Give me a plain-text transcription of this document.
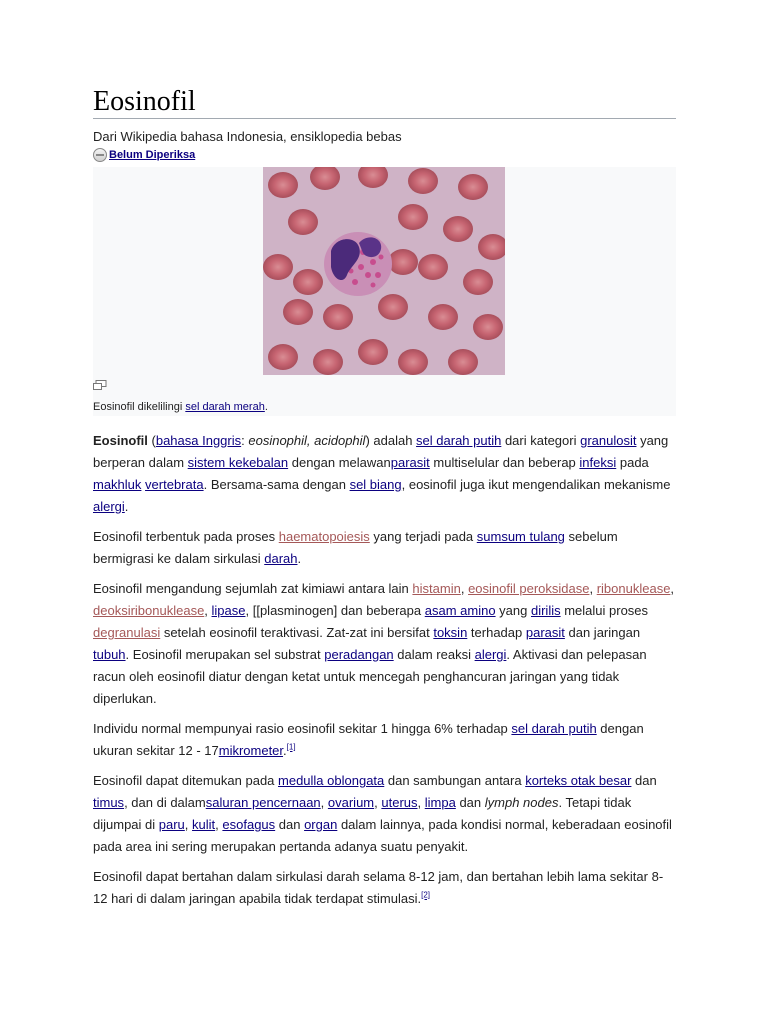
Eosinofil
Dari Wikipedia bahasa Indonesia, ensiklopedia bebas
Belum Diperiksa
Eosinofil dikelilingi sel darah merah.

Eosinofil (bahasa Inggris: eosinophil, acidophil) adalah sel darah putih dari kategori granulosit yang berperan dalam sistem kekebalan dengan melawanparasit multiselular dan beberap infeksi pada makhluk vertebrata. Bersama-sama dengan sel biang, eosinofil juga ikut mengendalikan mekanisme alergi.

Eosinofil terbentuk pada proses haematopoiesis yang terjadi pada sumsum tulang sebelum bermigrasi ke dalam sirkulasi darah.

Eosinofil mengandung sejumlah zat kimiawi antara lain histamin, eosinofil peroksidase, ribonuklease, deoksiribonuklease, lipase, [[plasminogen] dan beberapa asam amino yang dirilis melalui proses degranulasi setelah eosinofil teraktivasi. Zat-zat ini bersifat toksin terhadap parasit dan jaringan tubuh. Eosinofil merupakan sel substrat peradangan dalam reaksi alergi. Aktivasi dan pelepasan racun oleh eosinofil diatur dengan ketat untuk mencegah penghancuran jaringan yang tidak diperlukan.

Individu normal mempunyai rasio eosinofil sekitar 1 hingga 6% terhadap sel darah putih dengan ukuran sekitar 12 - 17mikrometer.[1]

Eosinofil dapat ditemukan pada medulla oblongata dan sambungan antara korteks otak besar dan timus, dan di dalamsaluran pencernaan, ovarium, uterus, limpa dan lymph nodes. Tetapi tidak dijumpai di paru, kulit, esofagus dan organ dalam lainnya, pada kondisi normal, keberadaan eosinofil pada area ini sering merupakan pertanda adanya suatu penyakit.

Eosinofil dapat bertahan dalam sirkulasi darah selama 8-12 jam, dan bertahan lebih lama sekitar 8-12 hari di dalam jaringan apabila tidak terdapat stimulasi.[2]
